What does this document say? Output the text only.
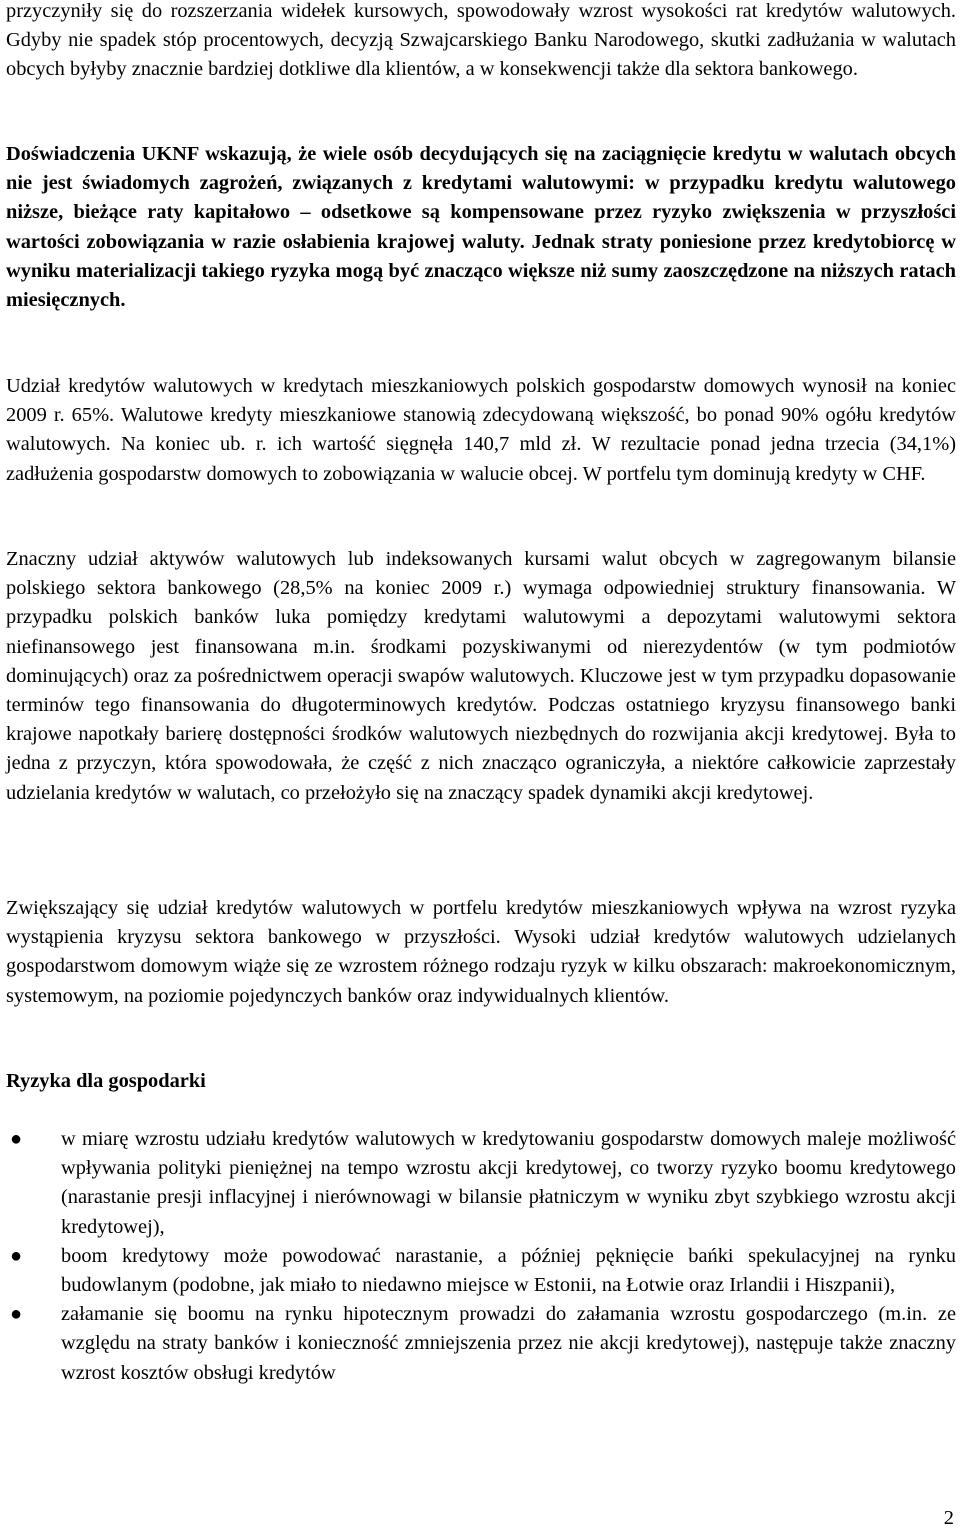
przyczyniły się do rozszerzania widełek kursowych, spowodowały wzrost wysokości rat kredytów walutowych. Gdyby nie spadek stóp procentowych, decyzją Szwajcarskiego Banku Narodowego, skutki zadłużania w walutach obcych byłyby znacznie bardziej dotkliwe dla klientów, a w konsekwencji także dla sektora bankowego.

Doświadczenia UKNF wskazują, że wiele osób decydujących się na zaciągnięcie kredytu w walutach obcych nie jest świadomych zagrożeń, związanych z kredytami walutowymi: w przypadku kredytu walutowego niższe, bieżące raty kapitałowo – odsetkowe są kompensowane przez ryzyko zwiększenia w przyszłości wartości zobowiązania w razie osłabienia krajowej waluty. Jednak straty poniesione przez kredytobiorcę w wyniku materializacji takiego ryzyka mogą być znacząco większe niż sumy zaoszczędzone na niższych ratach miesięcznych.

Udział kredytów walutowych w kredytach mieszkaniowych polskich gospodarstw domowych wynosił na koniec 2009 r. 65%. Walutowe kredyty mieszkaniowe stanowią zdecydowaną większość, bo ponad 90% ogółu kredytów walutowych. Na koniec ub. r. ich wartość sięgnęła 140,7 mld zł. W rezultacie ponad jedna trzecia (34,1%) zadłużenia gospodarstw domowych to zobowiązania w walucie obcej. W portfelu tym dominują kredyty w CHF.

Znaczny udział aktywów walutowych lub indeksowanych kursami walut obcych w zagregowanym bilansie polskiego sektora bankowego (28,5% na koniec 2009 r.) wymaga odpowiedniej struktury finansowania. W przypadku polskich banków luka pomiędzy kredytami walutowymi a depozytami walutowymi sektora niefinansowego jest finansowana m.in. środkami pozyskiwanymi od nierezydentów (w tym podmiotów dominujących) oraz za pośrednictwem operacji swapów walutowych. Kluczowe jest w tym przypadku dopasowanie terminów tego finansowania do długoterminowych kredytów. Podczas ostatniego kryzysu finansowego banki krajowe napotkały barierę dostępności środków walutowych niezbędnych do rozwijania akcji kredytowej. Była to jedna z przyczyn, która spowodowała, że część z nich znacząco ograniczyła, a niektóre całkowicie zaprzestały udzielania kredytów w walutach, co przełożyło się na znaczący spadek dynamiki akcji kredytowej.

Zwiększający się udział kredytów walutowych w portfelu kredytów mieszkaniowych wpływa na wzrost ryzyka wystąpienia kryzysu sektora bankowego w przyszłości. Wysoki udział kredytów walutowych udzielanych gospodarstwom domowym wiąże się ze wzrostem różnego rodzaju ryzyk w kilku obszarach: makroekonomicznym, systemowym, na poziomie pojedynczych banków oraz indywidualnych klientów.

Ryzyka dla gospodarki
● w miarę wzrostu udziału kredytów walutowych w kredytowaniu gospodarstw domowych maleje możliwość wpływania polityki pieniężnej na tempo wzrostu akcji kredytowej, co tworzy ryzyko boomu kredytowego (narastanie presji inflacyjnej i nierównowagi w bilansie płatniczym w wyniku zbyt szybkiego wzrostu akcji kredytowej),
● boom kredytowy może powodować narastanie, a później pęknięcie bańki spekulacyjnej na rynku budowlanym (podobne, jak miało to niedawno miejsce w Estonii, na Łotwie oraz Irlandii i Hiszpanii),
● załamanie się boomu na rynku hipotecznym prowadzi do załamania wzrostu gospodarczego (m.in. ze względu na straty banków i konieczność zmniejszenia przez nie akcji kredytowej), następuje także znaczny wzrost kosztów obsługi kredytów
2
